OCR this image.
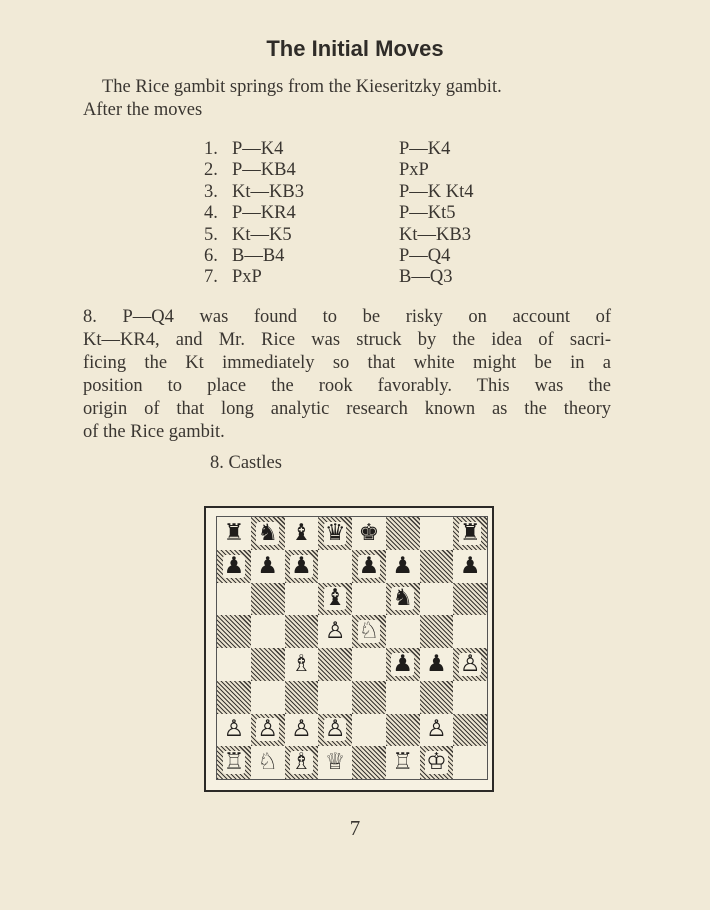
The Initial Moves
The Rice gambit springs from the Kieseritzky gambit.
After the moves
1. P—K4	P—K4
2. P—KB4	PxP
3. Kt—KB3	P—K Kt4
4. P—KR4	P—Kt5
5. Kt—K5	Kt—KB3
6. B—B4	P—Q4
7. PxP	B—Q3
8. P—Q4 was found to be risky on account of
Kt—KR4, and Mr. Rice was struck by the idea of sacri-
ficing the Kt immediately so that white might be in a
position to place the rook favorably. This was the
origin of that long analytic research known as the theory
of the Rice gambit.
8. Castles
♜ ♞ ♝ ♛ ♚	♜
♟ ♟ ♟ ♟ ♟ ♟
♝ ♞
♙ ♘
♗	♟ ♟ ♙
♙ ♙ ♙ ♙	♙
♖ ♘ ♗ ♕ ♖ ♔
7
